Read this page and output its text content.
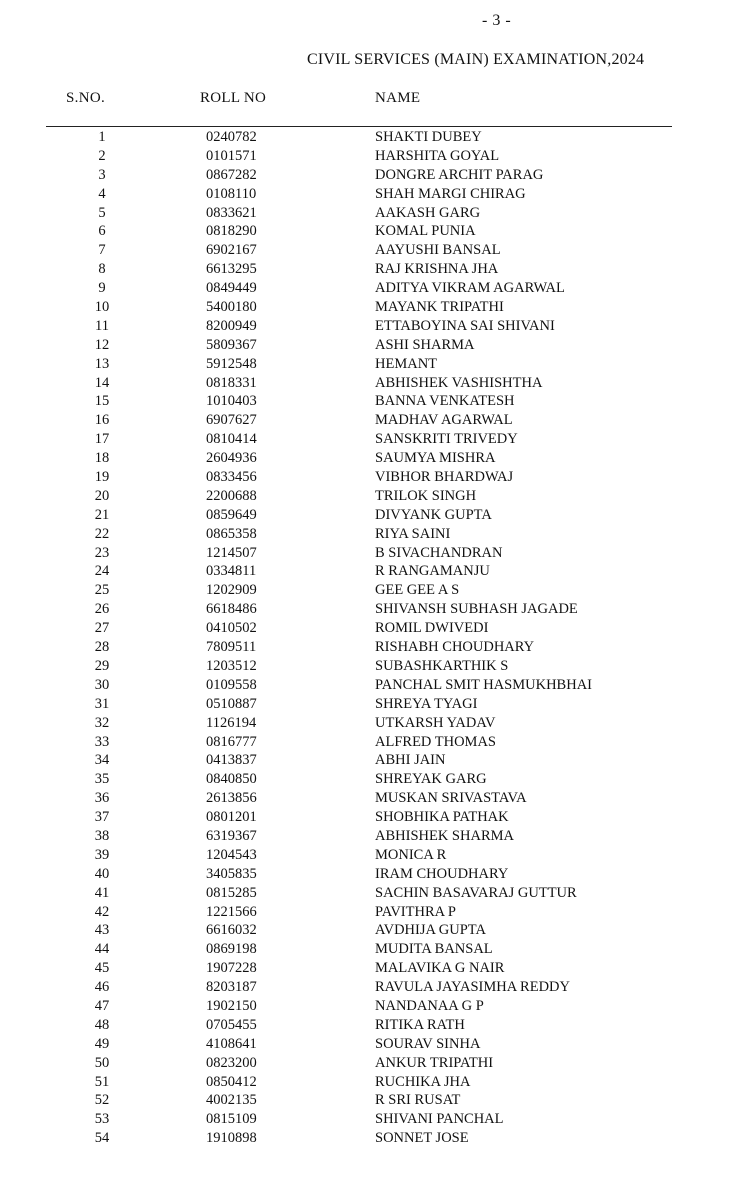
- 3 -
CIVIL SERVICES (MAIN) EXAMINATION,2024
S.NO.	ROLL NO	NAME
1	0240782	SHAKTI DUBEY
2	0101571	HARSHITA GOYAL
3	0867282	DONGRE ARCHIT PARAG
4	0108110	SHAH MARGI CHIRAG
5	0833621	AAKASH GARG
6	0818290	KOMAL PUNIA
7	6902167	AAYUSHI BANSAL
8	6613295	RAJ KRISHNA JHA
9	0849449	ADITYA VIKRAM AGARWAL
10	5400180	MAYANK TRIPATHI
11	8200949	ETTABOYINA SAI SHIVANI
12	5809367	ASHI SHARMA
13	5912548	HEMANT
14	0818331	ABHISHEK VASHISHTHA
15	1010403	BANNA VENKATESH
16	6907627	MADHAV AGARWAL
17	0810414	SANSKRITI TRIVEDY
18	2604936	SAUMYA MISHRA
19	0833456	VIBHOR BHARDWAJ
20	2200688	TRILOK SINGH
21	0859649	DIVYANK GUPTA
22	0865358	RIYA SAINI
23	1214507	B SIVACHANDRAN
24	0334811	R RANGAMANJU
25	1202909	GEE GEE A S
26	6618486	SHIVANSH SUBHASH JAGADE
27	0410502	ROMIL DWIVEDI
28	7809511	RISHABH CHOUDHARY
29	1203512	SUBASHKARTHIK S
30	0109558	PANCHAL SMIT HASMUKHBHAI
31	0510887	SHREYA TYAGI
32	1126194	UTKARSH YADAV
33	0816777	ALFRED THOMAS
34	0413837	ABHI JAIN
35	0840850	SHREYAK GARG
36	2613856	MUSKAN SRIVASTAVA
37	0801201	SHOBHIKA PATHAK
38	6319367	ABHISHEK SHARMA
39	1204543	MONICA R
40	3405835	IRAM CHOUDHARY
41	0815285	SACHIN BASAVARAJ GUTTUR
42	1221566	PAVITHRA P
43	6616032	AVDHIJA GUPTA
44	0869198	MUDITA BANSAL
45	1907228	MALAVIKA G NAIR
46	8203187	RAVULA JAYASIMHA REDDY
47	1902150	NANDANAA G P
48	0705455	RITIKA RATH
49	4108641	SOURAV SINHA
50	0823200	ANKUR TRIPATHI
51	0850412	RUCHIKA JHA
52	4002135	R SRI RUSAT
53	0815109	SHIVANI PANCHAL
54	1910898	SONNET JOSE
